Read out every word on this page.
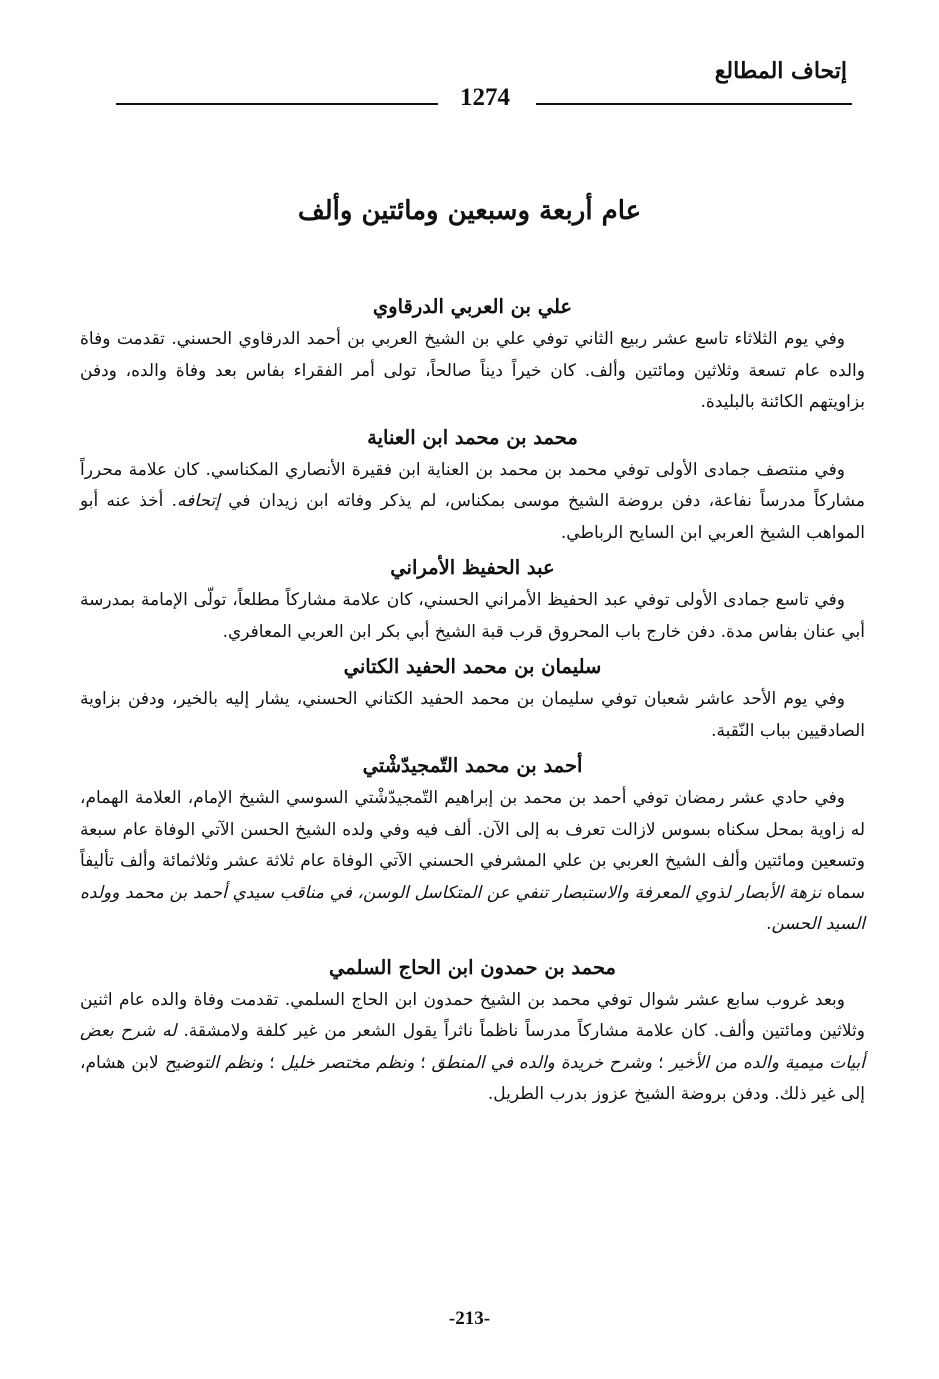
إتحاف المطالع
1274
عام أربعة وسبعين ومائتين وألف

علي بن العربي الدرقاوي

وفي يوم الثلاثاء تاسع عشر ربيع الثاني توفي علي بن الشيخ العربي بن أحمد الدرقاوي الحسني. تقدمت وفاة والده عام تسعة وثلاثين ومائتين وألف. كان خيراً ديناً صالحاً، تولى أمر الفقراء بفاس بعد وفاة والده، ودفن بزاويتهم الكائنة بالبليدة.

محمد بن محمد ابن العناية

وفي منتصف جمادى الأولى توفي محمد بن محمد بن العناية ابن فقيرة الأنصاري المكناسي. كان علامة محرراً مشاركاً مدرساً نفاعة، دفن بروضة الشيخ موسى بمكناس، لم يذكر وفاته ابن زيدان في إتحافه. أخذ عنه أبو المواهب الشيخ العربي ابن السايح الرباطي.

عبد الحفيظ الأمراني

وفي تاسع جمادى الأولى توفي عبد الحفيظ الأمراني الحسني، كان علامة مشاركاً مطلعاً، تولّى الإمامة بمدرسة أبي عنان بفاس مدة. دفن خارج باب المحروق قرب قبة الشيخ أبي بكر ابن العربي المعافري.

سليمان بن محمد الحفيد الكتاني

وفي يوم الأحد عاشر شعبان توفي سليمان بن محمد الحفيد الكتاني الحسني، يشار إليه بالخير، ودفن بزاوية الصادقيين بباب النّقبة.

أحمد بن محمد التّمجيدّشْتي

وفي حادي عشر رمضان توفي أحمد بن محمد بن إبراهيم التّمجيدّشْتي السوسي الشيخ الإمام، العلامة الهمام، له زاوية بمحل سكناه بسوس لازالت تعرف به إلى الآن. ألف فيه وفي ولده الشيخ الحسن الآتي الوفاة عام سبعة وتسعين ومائتين وألف الشيخ العربي بن علي المشرفي الحسني الآتي الوفاة عام ثلاثة عشر وثلاثمائة وألف تأليفاً سماه نزهة الأبصار لذوي المعرفة والاستبصار تنفي عن المتكاسل الوسن، في مناقب سيدي أحمد بن محمد وولده السيد الحسن.

محمد بن حمدون ابن الحاج السلمي

وبعد غروب سابع عشر شوال توفي محمد بن الشيخ حمدون ابن الحاج السلمي. تقدمت وفاة والده عام اثنين وثلاثين ومائتين وألف. كان علامة مشاركاً مدرساً ناظماً ناثراً يقول الشعر من غير كلفة ولامشقة. له شرح بعض أبيات ميمية والده من الأخير ؛ وشرح خريدة والده في المنطق ؛ ونظم مختصر خليل ؛ ونظم التوضيح لابن هشام، إلى غير ذلك. ودفن بروضة الشيخ عزوز بدرب الطريل.

-213-
